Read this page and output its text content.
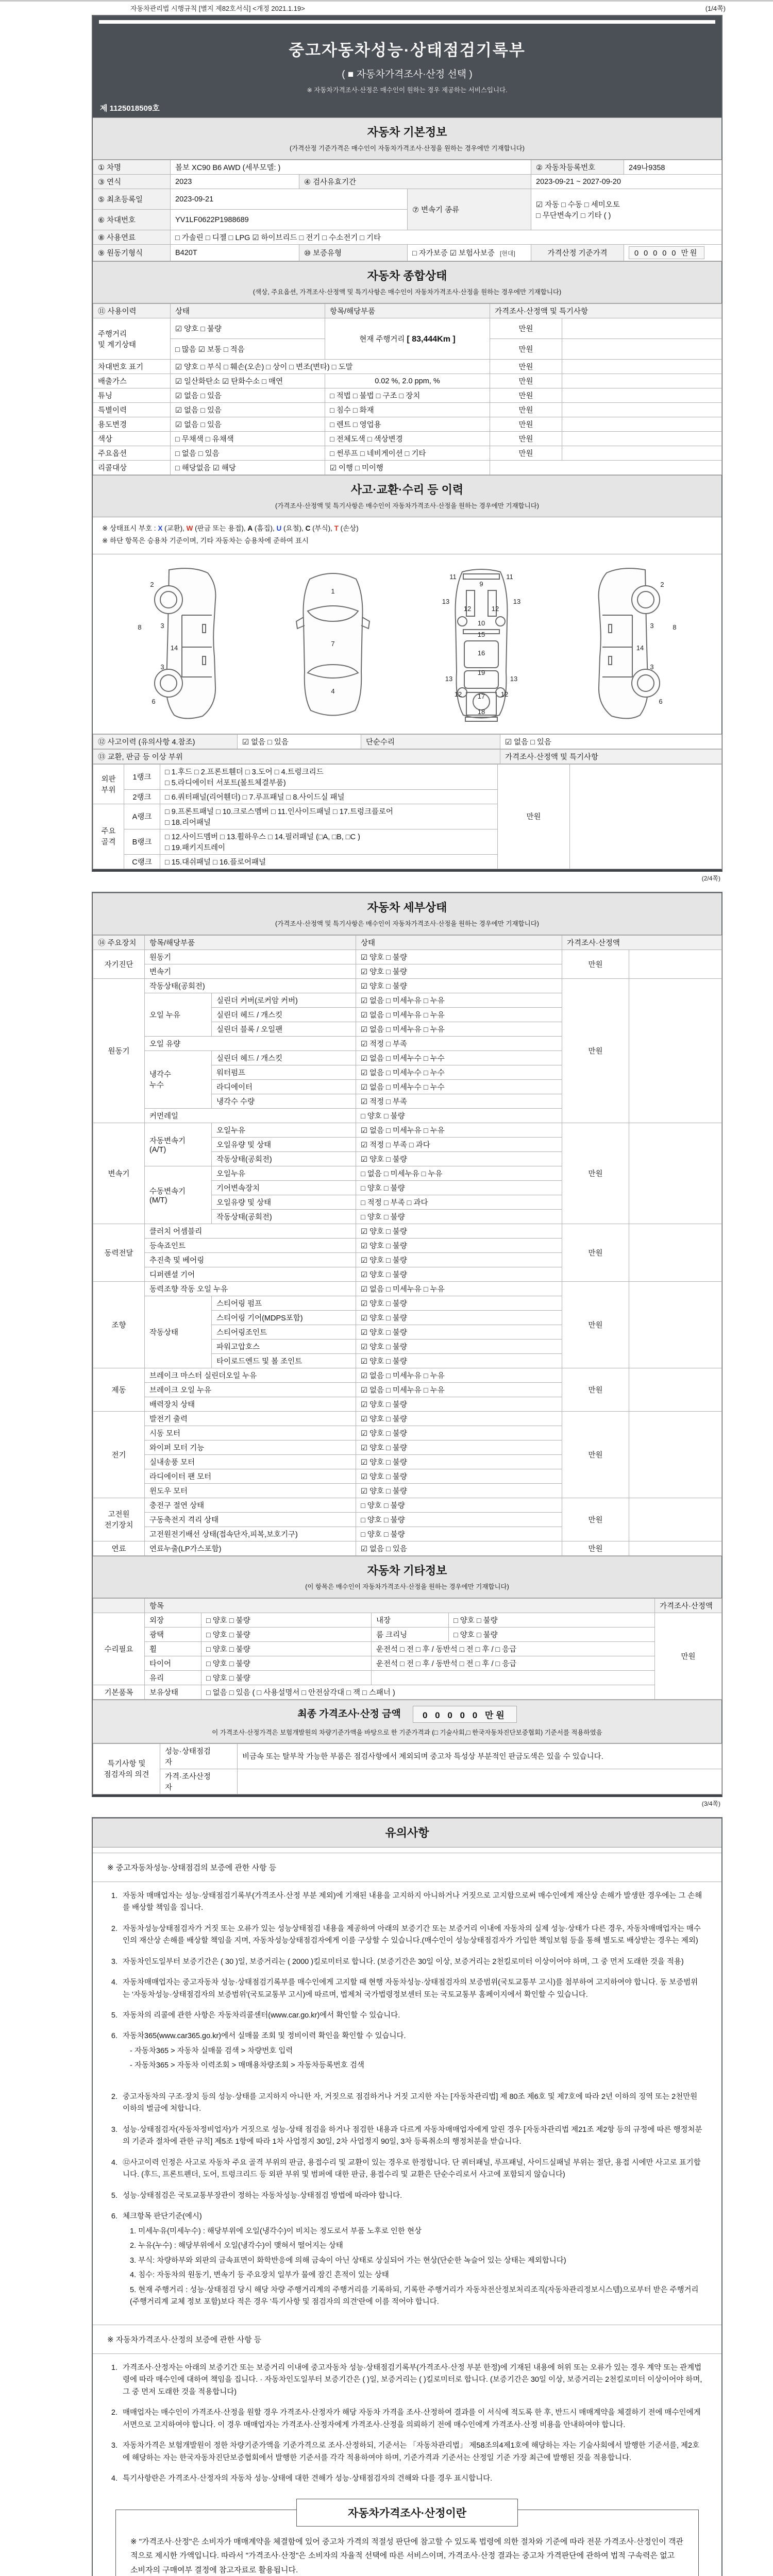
자동차관리법 시행규칙 [별지 제82호서식] <개정 2021.1.19>	(1/4쪽)
중고자동차성능·상태점검기록부
( ■ 자동차가격조사·산정 선택 )
※ 자동차가격조사·산정은 매수인이 원하는 경우 제공하는 서비스입니다.
제 1125018509호
자동차 기본정보
(가격산정 기준가격은 매수인이 자동차가격조사·산정을 원하는 경우에만 기재합니다)
① 차명	볼보 XC90 B6 AWD (세부모델: )			② 자동차등록번호	249나9358
③ 연식	2023	④ 검사유효기간		2023-09-21 ~ 2027-09-20	
⑤ 최초등록일	2023-09-21		⑦ 변속기 종류	☑ 자동 □ 수동 □ 세미오토
□ 무단변속기 □ 기타 ( )	
⑥ 차대번호	YV1LF0622P1988689				
⑧ 사용연료	□ 가솔린 □ 디젤 □ LPG ☑ 하이브리드 □ 전기 □ 수소전기 □ 기타				
⑨ 원동기형식	B420T	⑩ 보증유형	□ 자가보증 ☑ 보험사보증 [현대]	가격산정 기준가격	0 0 0 0 0 만원
자동차 종합상태
(색상, 주요옵션, 가격조사·산정액 및 특기사항은 매수인이 자동차가격조사·산정을 원하는 경우에만 기재합니다)
⑪ 사용이력	상태	항목/해당부품	가격조사·산정액 및 특기사항	
주행거리
및 계기상태	☑ 양호 □ 불량	현재 주행거리 [ 83,444Km ]	만원	
	□ 많음 ☑ 보통 □ 적음		만원	
차대번호 표기	☑ 양호 □ 부식 □ 훼손(오손) □ 상이 □ 변조(변타) □ 도말		만원	
배출가스	☑ 일산화탄소 ☑ 탄화수소 □ 매연	0.02 %, 2.0 ppm, %	만원	
튜닝	☑ 없음 □ 있음	□ 적법 □ 불법 □ 구조 □ 장치	만원	
특별이력	☑ 없음 □ 있음	□ 침수 □ 화재	만원	
용도변경	☑ 없음 □ 있음	□ 렌트 □ 영업용	만원	
색상	□ 무채색 □ 유채색	□ 전체도색 □ 색상변경	만원	
주요옵션	□ 없음 □ 있음	□ 썬루프 □ 네비게이션 □ 기타	만원	
리콜대상	□ 해당없음 ☑ 해당	☑ 이행 □ 미이행		
사고·교환·수리 등 이력
(가격조사·산정액 및 특기사항은 매수인이 자동차가격조사·산정을 원하는 경우에만 기재합니다)
※ 상태표시 부호 : X (교환), W (판금 또는 용접), A (흠집), U (요철), C (부식), T (손상)
※ 하단 항목은 승용차 기준이며, 기타 자동차는 승용차에 준하여 표시
2
8	3
14
3
6
1
7
4
11	11
9
13	13
12	12
10
15
16
19
13	13
12 17 12
18
2
8
3
14
3
6
⑫ 사고이력 (유의사항 4.참조)	☑ 없음 □ 있음	단순수리	☑ 없음 □ 있음
⑬ 교환, 판금 등 이상 부위	가격조사·산정액 및 특기사항
외판
부위	1랭크	□ 1.후드 □ 2.프론트휀더 □ 3.도어 □ 4.트렁크리드
□ 5.라디에이터 서포트(볼트체결부품)	만원	
	2랭크	□ 6.쿼터패널(리어휀더) □ 7.루프패널 □ 8.사이드실 패널		
주요
골격	A랭크	□ 9.프론트패널 □ 10.크로스멤버 □ 11.인사이드패널 □ 17.트렁크플로어
□ 18.리어패널		
	B랭크	□ 12.사이드멤버 □ 13.휠하우스 □ 14.필러패널 (□A, □B, □C )
□ 19.패키지트레이		
	C랭크	□ 15.대쉬패널 □ 16.플로어패널		
(2/4쪽)
자동차 세부상태
(가격조사·산정액 및 특기사항은 매수인이 자동차가격조사·산정을 원하는 경우에만 기재합니다)
⑭ 주요장치	항목/해당부품		상태	가격조사·산정액	
자기진단	원동기		☑ 양호 □ 불량	만원	
	변속기		☑ 양호 □ 불량		
원동기	작동상태(공회전)		☑ 양호 □ 불량	만원	
	오일 누유	실린더 커버(로커암 커버)	☑ 없음 □ 미세누유 □ 누유		
		실린더 헤드 / 개스킷	☑ 없음 □ 미세누유 □ 누유		
		실린더 블록 / 오일팬	☑ 없음 □ 미세누유 □ 누유		
	오일 유량		☑ 적정 □ 부족		
	냉각수
누수	실린더 헤드 / 개스킷	☑ 없음 □ 미세누수 □ 누수		
		워터펌프	☑ 없음 □ 미세누수 □ 누수		
		라디에이터	☑ 없음 □ 미세누수 □ 누수		
		냉각수 수량	☑ 적정 □ 부족		
	커먼레일		□ 양호 □ 불량		
변속기	자동변속기
(A/T)	오일누유	☑ 없음 □ 미세누유 □ 누유	만원	
		오일유량 및 상태	☑ 적정 □ 부족 □ 과다		
		작동상태(공회전)	☑ 양호 □ 불량		
	수동변속기
(M/T)	오일누유	□ 없음 □ 미세누유 □ 누유		
		기어변속장치	□ 양호 □ 불량		
		오일유량 및 상태	□ 적정 □ 부족 □ 과다		
		작동상태(공회전)	□ 양호 □ 불량		
동력전달	클러치 어셈블리		☑ 양호 □ 불량	만원	
	등속죠인트		☑ 양호 □ 불량		
	추진축 및 베어링		☑ 양호 □ 불량		
	디퍼렌셜 기어		☑ 양호 □ 불량		
조향	동력조향 작동 오일 누유		☑ 없음 □ 미세누유 □ 누유	만원	
	작동상태	스티어링 펌프	☑ 양호 □ 불량		
		스티어링 기어(MDPS포함)	☑ 양호 □ 불량		
		스티어링조인트	☑ 양호 □ 불량		
		파워고압호스	☑ 양호 □ 불량		
		타이로드엔드 및 볼 조인트	☑ 양호 □ 불량		
제동	브레이크 마스터 실린더오일 누유		☑ 없음 □ 미세누유 □ 누유	만원	
	브레이크 오일 누유		☑ 없음 □ 미세누유 □ 누유		
	배력장치 상태		☑ 양호 □ 불량		
전기	발전기 출력		☑ 양호 □ 불량	만원	
	시동 모터		☑ 양호 □ 불량		
	와이퍼 모터 기능		☑ 양호 □ 불량		
	실내송풍 모터		☑ 양호 □ 불량		
	라디에이터 팬 모터		☑ 양호 □ 불량		
	윈도우 모터		☑ 양호 □ 불량		
고전원
전기장치	충전구 절연 상태		□ 양호 □ 불량	만원	
	구동축전지 격리 상태		□ 양호 □ 불량		
	고전원전기배선 상태(접속단자,피복,보호기구)		□ 양호 □ 불량		
연료	연료누출(LP가스포함)		☑ 없음 □ 있음	만원	
자동차 기타정보
(이 항목은 매수인이 자동차가격조사·산정을 원하는 경우에만 기재합니다)
	항목				가격조사·산정액
수리필요	외장	□ 양호 □ 불량	내장	□ 양호 □ 불량	만원
	광택	□ 양호 □ 불량	룸 크리닝	□ 양호 □ 불량	
	휠	□ 양호 □ 불량	운전석 □ 전 □ 후 / 동반석 □ 전 □ 후 / □ 응급		
	타이어	□ 양호 □ 불량	운전석 □ 전 □ 후 / 동반석 □ 전 □ 후 / □ 응급		
	유리	□ 양호 □ 불량			
기본품목	보유상태	□ 없음 □ 있음 ( □ 사용설명서 □ 안전삼각대 □ 잭 □ 스패너 )			
최종 가격조사·산정 금액 0 0 0 0 0 만원
이 가격조사·산정가격은 보험개발원의 차량기준가액을 바탕으로 한 기준가격과 (□ 기술사회,□ 한국자동차진단보증협회) 기준서를 적용하였음
특기사항 및
점검자의 의견	성능·상태점검
자	비금속 또는 탈부착 가능한 부품은 점검사항에서 제외되며 중고차 특성상 부분적인 판금도색은 있을 수 있습니다.
	가격·조사산정
자	
(3/4쪽)
유의사항
※ 중고자동차성능·상태점검의 보증에 관한 사항 등
1. 자동차 매매업자는 성능·상태점검기록부(가격조사·산정 부분 제외)에 기재된 내용을 고지하지 아니하거나 거짓으로 고지함으로써 매수인에게 재산상 손해가 발생한 경우에는 그 손해를 배상할 책임을 집니다.
2. 자동차성능상태점검자가 거짓 또는 오류가 있는 성능상태점검 내용을 제공하여 아래의 보증기간 또는 보증거리 이내에 자동차의 실제 성능·상태가 다른 경우, 자동차매매업자는 매수인의 재산상 손해를 배상할 책임을 지며, 자동차성능상태점검자에게 이를 구상할 수 있습니다.(매수인이 성능상태점검자가 가입한 책임보험 등을 통해 별도로 배상받는 경우는 제외)
3. 자동차인도일부터 보증기간은 ( 30 )일, 보증거리는 ( 2000 )킬로미터로 합니다. (보증기간은 30일 이상, 보증거리는 2천킬로미터 이상이어야 하며, 그 중 먼저 도래한 것을 적용)
4. 자동차매매업자는 중고자동차 성능·상태점검기록부를 매수인에게 고지할 때 현행 자동차성능·상태점검자의 보증범위(국토교통부 고시)를 첨부하여 고지하여야 합니다. 동 보증범위는 '자동차성능·상태점검자의 보증범위'(국토교통부 고시)에 따르며, 법제처 국가법령정보센터 또는 국토교통부 홈페이지에서 확인할 수 있습니다.
5. 자동차의 리콜에 관한 사항은 자동차리콜센터(www.car.go.kr)에서 확인할 수 있습니다.
6. 자동차365(www.car365.go.kr)에서 실매물 조회 및 정비이력 확인을 확인할 수 있습니다.
- 자동차365 > 자동차 실매물 검색 > 차량번호 입력
- 자동차365 > 자동차 이력조회 > 매매용차량조회 > 자동차등록번호 검색
2. 중고자동차의 구조·장치 등의 성능·상태를 고지하지 아니한 자, 거짓으로 점검하거나 거짓 고지한 자는 [자동차관리법] 제 80조 제6호 및 제7호에 따라 2년 이하의 징역 또는 2천만원 이하의 벌금에 처합니다.
3. 성능·상태점검자(자동차정비업자)가 거짓으로 성능·상태 점검을 하거나 점검한 내용과 다르게 자동차매매업자에게 알린 경우 [자동차관리법 제21조 제2항 등의 규정에 따른 행정처분의 기준과 절차에 관한 규칙] 제5조 1항에 따라 1차 사업정지 30일, 2차 사업정지 90일, 3차 등록취소의 행정처분을 받습니다.
4. ⑫사고이력 인정은 사고로 자동차 주요 골격 부위의 판금, 용접수리 및 교환이 있는 경우로 한정합니다. 단 쿼터패널, 루프패널, 사이드실패널 부위는 절단, 용접 시에만 사고로 표기합니다. (후드, 프론트펜더, 도어, 트렁크리드 등 외판 부위 및 범퍼에 대한 판금, 용접수리 및 교환은 단순수리로서 사고에 포함되지 않습니다)
5. 성능·상태점검은 국토교통부장관이 정하는 자동차성능·상태점검 방법에 따라야 합니다.
6. 체크항목 판단기준(예시)
1. 미세누유(미세누수) : 해당부위에 오일(냉각수)이 비치는 정도로서 부품 노후로 인한 현상
2. 누유(누수) : 해당부위에서 오일(냉각수)이 맺혀서 떨어지는 상태
3. 부식: 차량하부와 외판의 금속표면이 화학반응에 의해 금속이 아닌 상태로 상실되어 가는 현상(단순한 녹슬어 있는 상태는 제외합니다)
4. 침수: 자동차의 원동기, 변속기 등 주요장치 일부가 물에 잠긴 흔적이 있는 상태
5. 현재 주행거리 : 성능·상태점검 당시 해당 차량 주행거리계의 주행거리를 기록하되, 기록한 주행거리가 자동차전산정보처리조직(자동차관리정보시스템)으로부터 받은 주행거리(주행거리계 교체 정보 포함)보다 적은 경우 '특기사항 및 점검자의 의견'란에 이를 적어야 합니다.
※ 자동차가격조사·산정의 보증에 관한 사항 등
1. 가격조사·산정자는 아래의 보증기간 또는 보증거리 이내에 중고자동차 성능·상태점검기록부(가격조사·산정 부분 한정)에 기재된 내용에 허위 또는 오류가 있는 경우 계약 또는 관계법령에 따라 매수인에 대하여 책임을 집니다. · 자동차인도일부터 보증기간은 ( )일, 보증거리는 ( )킬로미터로 합니다. (보증기간은 30일 이상, 보증거리는 2천킬로미터 이상이어야 하며, 그 중 먼저 도래한 것을 적용합니다)
2. 매매업자는 매수인이 가격조사·산정을 원할 경우 가격조사·산정자가 해당 자동차 가격을 조사·산정하여 결과를 이 서식에 적도록 한 후, 반드시 매매계약을 체결하기 전에 매수인에게 서면으로 고지하여야 합니다. 이 경우 매매업자는 가격조사·산정자에게 가격조사·산정을 의뢰하기 전에 매수인에게 가격조사·산정 비용을 안내하여야 합니다.
3. 자동차가격은 보험개발원이 정한 차량기준가액을 기준가격으로 조사·산정하되, 기준서는 「자동차관리법」 제58조의4제1호에 해당하는 자는 기술사회에서 발행한 기준서를, 제2호에 해당하는 자는 한국자동차진단보증협회에서 발행한 기준서를 각각 적용하여야 하며, 기준가격과 기준서는 산정일 기준 가장 최근에 발행된 것을 적용합니다.
4. 특기사항란은 가격조사·산정자의 자동차 성능·상태에 대한 견해가 성능·상태점검자의 견해와 다를 경우 표시합니다.
자동차가격조사·산정이란
※ "가격조사·산정"은 소비자가 매매계약을 체결함에 있어 중고차 가격의 적절성 판단에 참고할 수 있도록 법령에 의한 절차와 기준에 따라 전문 가격조사·산정인이 객관적으로 제시한 가액입니다. 따라서 "가격조사·산정"은 소비자의 자율적 선택에 따른 서비스이며, 가격조사·산정 결과는 중고차 가격판단에 관하여 법적 구속력은 없고 소비자의 구매여부 결정에 참고자료로 활용됩니다.
